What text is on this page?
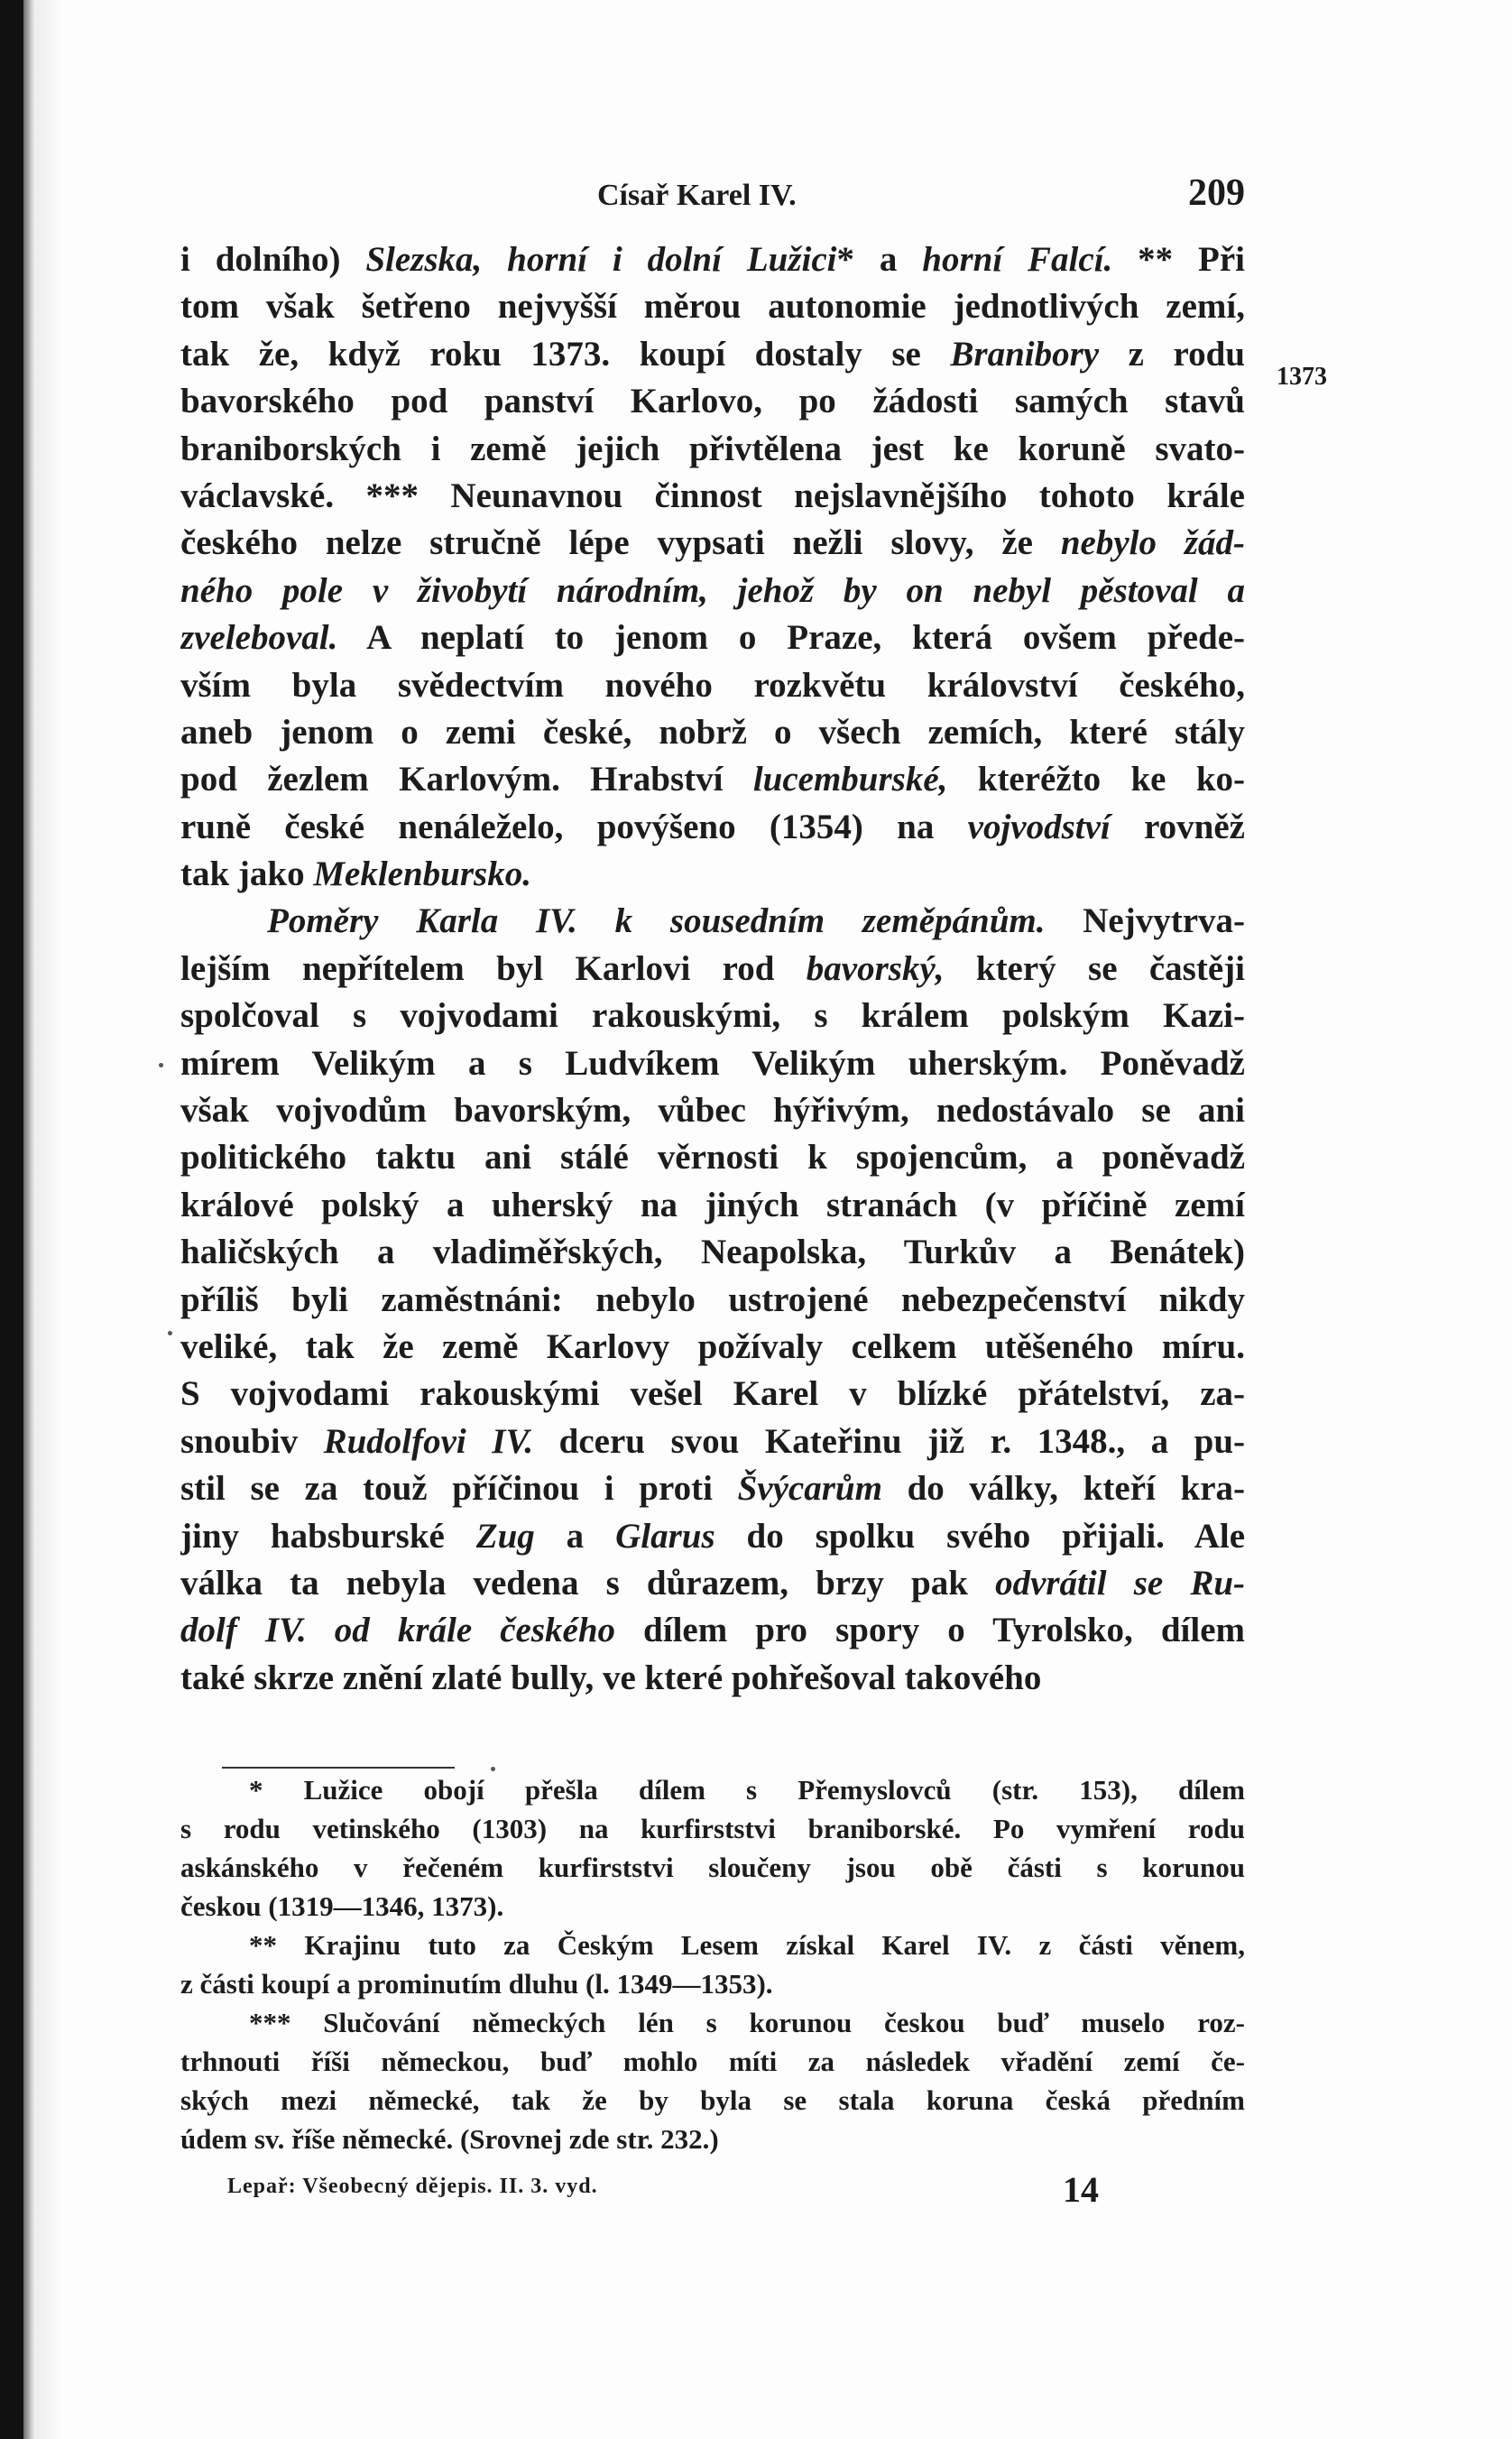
Císař Karel IV.	209
1373
i dolního) Slezska, horní i dolní Lužici* a horní Falcí. ** Při
tom však šetřeno nejvyšší měrou autonomie jednotlivých zemí,
tak že, když roku 1373. koupí dostaly se Branibory z rodu
bavorského pod panství Karlovo, po žádosti samých stavů
braniborských i země jejich přivtělena jest ke koruně svato-
václavské. *** Neunavnou činnost nejslavnějšího tohoto krále
českého nelze stručně lépe vypsati nežli slovy, že nebylo žád-
ného pole v živobytí národním, jehož by on nebyl pěstoval a
zveleboval. A neplatí to jenom o Praze, která ovšem přede-
vším byla svědectvím nového rozkvětu království českého,
aneb jenom o zemi české, nobrž o všech zemích, které stály
pod žezlem Karlovým. Hrabství lucemburské, kteréžto ke ko-
runě české nenáleželo, povýšeno (1354) na vojvodství rovněž
tak jako Meklenbursko.
Poměry Karla IV. k sousedním zeměpánům. Nejvytrva-
lejším nepřítelem byl Karlovi rod bavorský, který se častěji
spolčoval s vojvodami rakouskými, s králem polským Kazi-
mírem Velikým a s Ludvíkem Velikým uherským. Poněvadž
však vojvodům bavorským, vůbec hýřivým, nedostávalo se ani
politického taktu ani stálé věrnosti k spojencům, a poněvadž
králové polský a uherský na jiných stranách (v příčině zemí
haličských a vladiměřských, Neapolska, Turkův a Benátek)
příliš byli zaměstnáni: nebylo ustrojené nebezpečenství nikdy
veliké, tak že země Karlovy požívaly celkem utěšeného míru.
S vojvodami rakouskými vešel Karel v blízké přátelství, za-
snoubiv Rudolfovi IV. dceru svou Kateřinu již r. 1348., a pu-
stil se za touž příčinou i proti Švýcarům do války, kteří kra-
jiny habsburské Zug a Glarus do spolku svého přijali. Ale
válka ta nebyla vedena s důrazem, brzy pak odvrátil se Ru-
dolf IV. od krále českého dílem pro spory o Tyrolsko, dílem
také skrze znění zlaté bully, ve které pohřešoval takového
* Lužice obojí přešla dílem s Přemyslovců (str. 153), dílem
s rodu vetinského (1303) na kurfirststvi braniborské. Po vymření rodu
askánského v řečeném kurfirststvi sloučeny jsou obě části s korunou
českou (1319—1346, 1373).
** Krajinu tuto za Českým Lesem získal Karel IV. z části věnem,
z části koupí a prominutím dluhu (l. 1349—1353).
*** Slučování německých lén s korunou českou buď muselo roz-
trhnouti říši německou, buď mohlo míti za následek vřadění zemí če-
ských mezi německé, tak že by byla se stala koruna česká předním
údem sv. říše německé. (Srovnej zde str. 232.)
Lepař: Všeobecný dějepis. II. 3. vyd.	14
